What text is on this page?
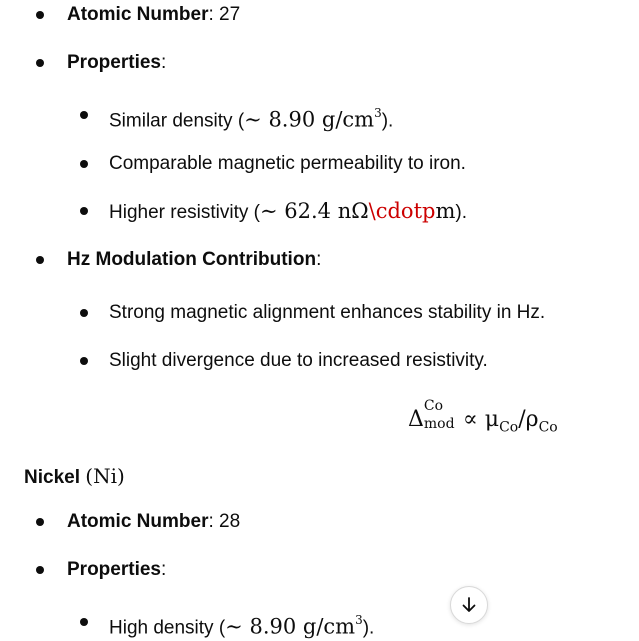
Atomic Number: 27
Properties:
Similar density (∼ 8.90 $g/cm^3$).
Comparable magnetic permeability to iron.
Higher resistivity (∼ 62.4 nΩ\cdotpm).
Hz Modulation Contribution:
Strong magnetic alignment enhances stability in Hz.
Slight divergence due to increased resistivity.
Δ
Co
mod ∝ $\mu_{Co}/\rho_{Co}$
Nickel (Ni)
Atomic Number: 28
Properties:
High density (∼ 8.90 $g/cm^3$).
